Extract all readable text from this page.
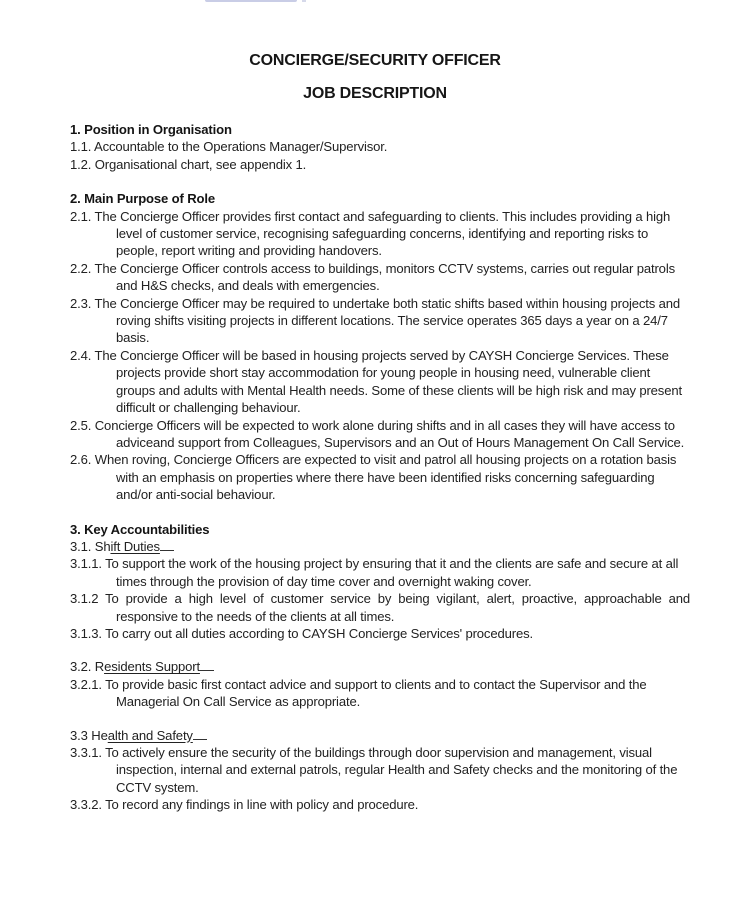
CONCIERGE/SECURITY OFFICER
JOB DESCRIPTION

1. Position in Organisation

1.1. Accountable to the Operations Manager/Supervisor.

1.2. Organisational chart, see appendix 1.

2. Main Purpose of Role

2.1. The Concierge Officer provides first contact and safeguarding to clients. This includes providing a high level of customer service, recognising safeguarding concerns, identifying and reporting risks to people, report writing and providing handovers.

2.2. The Concierge Officer controls access to buildings, monitors CCTV systems, carries out regular patrols and H&S checks, and deals with emergencies.

2.3. The Concierge Officer may be required to undertake both static shifts based within housing projects and roving shifts visiting projects in different locations. The service operates 365 days a year on a 24/7 basis.

2.4. The Concierge Officer will be based in housing projects served by CAYSH Concierge Services. These projects provide short stay accommodation for young people in housing need, vulnerable client groups and adults with Mental Health needs. Some of these clients will be high risk and may present difficult or challenging behaviour.

2.5. Concierge Officers will be expected to work alone during shifts and in all cases they will have access to adviceand support from Colleagues, Supervisors and an Out of Hours Management On Call Service.

2.6. When roving, Concierge Officers are expected to visit and patrol all housing projects on a rotation basis with an emphasis on properties where there have been identified risks concerning safeguarding and/or anti-social behaviour.

3. Key Accountabilities

3.1. Shift Duties

3.1.1. To support the work of the housing project by ensuring that it and the clients are safe and secure at all times through the provision of day time cover and overnight waking cover.

3.1.2 To provide a high level of customer service by being vigilant, alert, proactive, approachable and responsive to the needs of the clients at all times.

3.1.3. To carry out all duties according to CAYSH Concierge Services' procedures.

3.2. Residents Support

3.2.1. To provide basic first contact advice and support to clients and to contact the Supervisor and the Managerial On Call Service as appropriate.

3.3 Health and Safety

3.3.1. To actively ensure the security of the buildings through door supervision and management, visual inspection, internal and external patrols, regular Health and Safety checks and the monitoring of the CCTV system.

3.3.2. To record any findings in line with policy and procedure.
